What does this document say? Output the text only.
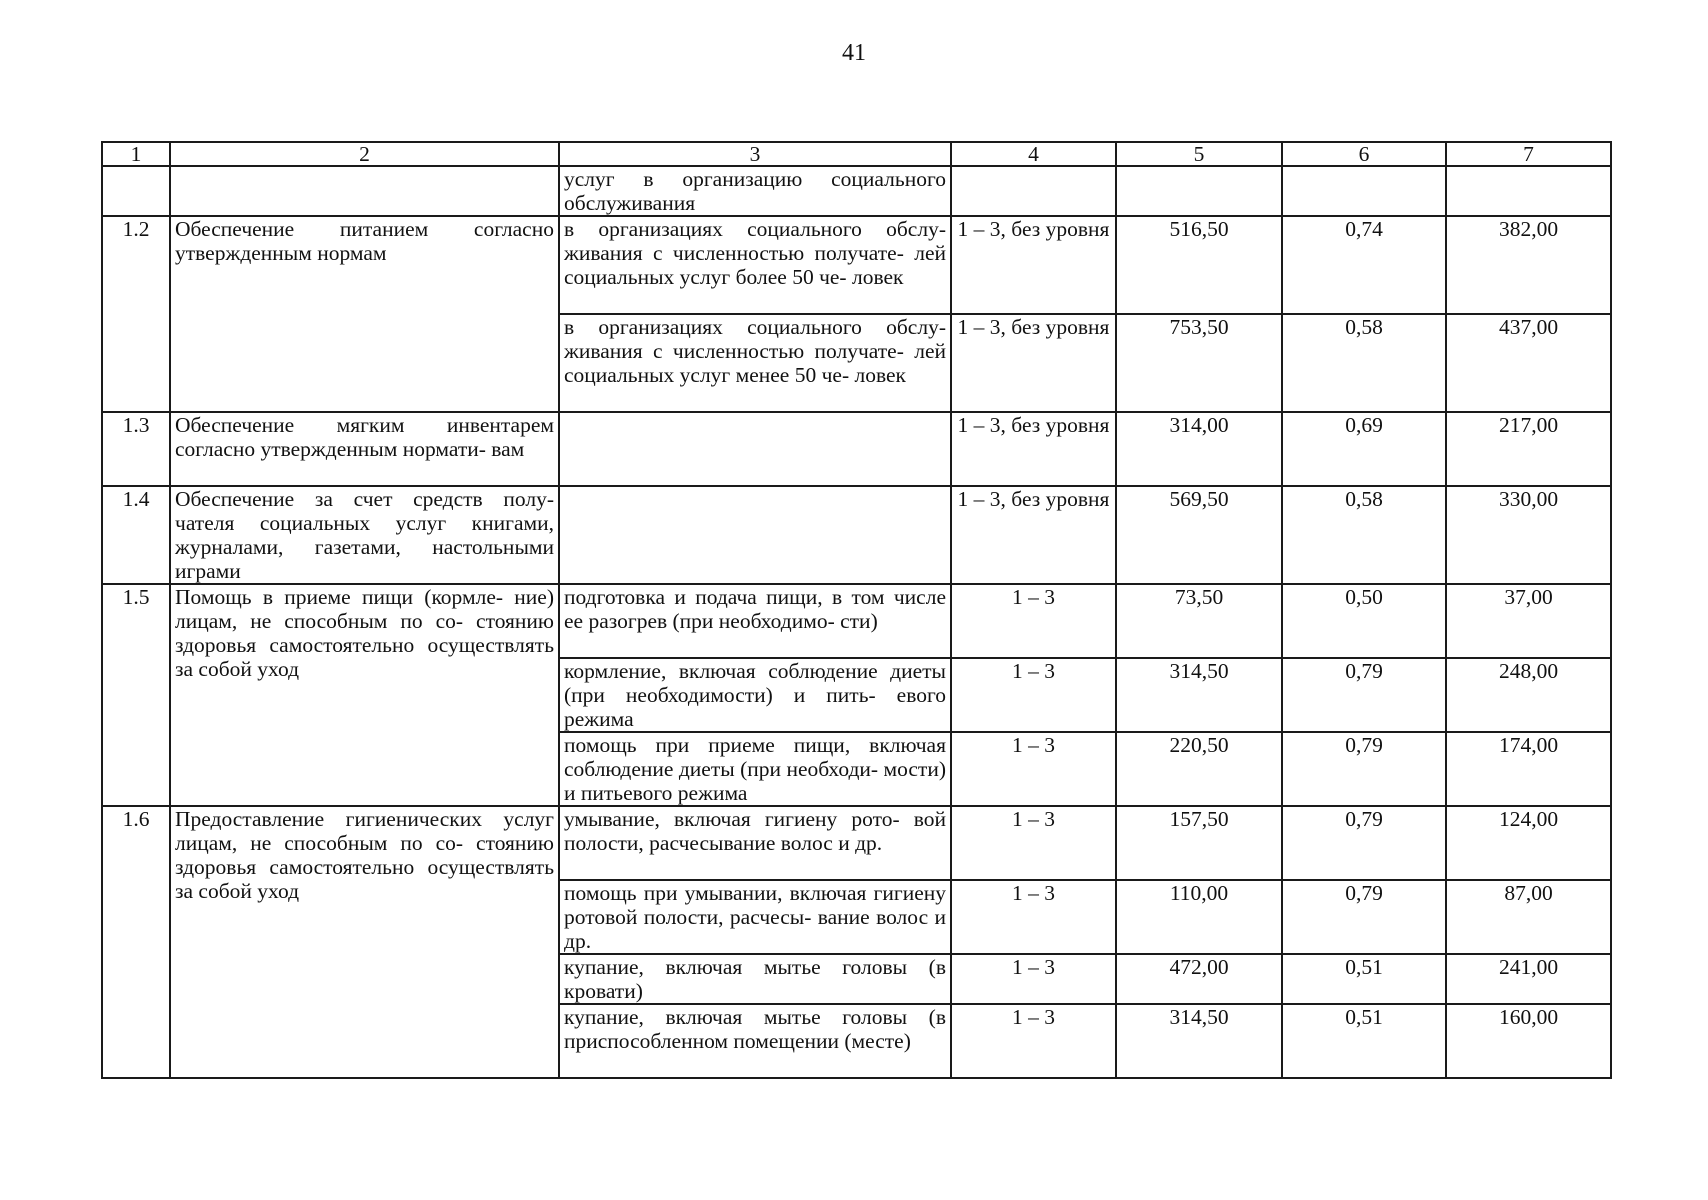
41
1	2	3	4	5	6	7
		услуг в организацию социального обслуживания				
1.2	Обеспечение питанием согласно утвержденным нормам	в организациях социального обслу- живания с численностью получате- лей социальных услуг более 50 че- ловек	1 – 3, без уровня	516,50	0,74	382,00
		в организациях социального обслу- живания с численностью получате- лей социальных услуг менее 50 че- ловек	1 – 3, без уровня	753,50	0,58	437,00
1.3	Обеспечение мягким инвентарем согласно утвержденным нормати- вам		1 – 3, без уровня	314,00	0,69	217,00
1.4	Обеспечение за счет средств полу- чателя социальных услуг книгами, журналами, газетами, настольными играми		1 – 3, без уровня	569,50	0,58	330,00
1.5	Помощь в приеме пищи (кормле- ние) лицам, не способным по со- стоянию здоровья самостоятельно осуществлять за собой уход	подготовка и подача пищи, в том числе ее разогрев (при необходимо- сти)	1 – 3	73,50	0,50	37,00
		кормление, включая соблюдение диеты (при необходимости) и пить- евого режима	1 – 3	314,50	0,79	248,00
		помощь при приеме пищи, включая соблюдение диеты (при необходи- мости) и питьевого режима	1 – 3	220,50	0,79	174,00
1.6	Предоставление гигиенических услуг лицам, не способным по со- стоянию здоровья самостоятельно осуществлять за собой уход	умывание, включая гигиену рото- вой полости, расчесывание волос и др.	1 – 3	157,50	0,79	124,00
		помощь при умывании, включая гигиену ротовой полости, расчесы- вание волос и др.	1 – 3	110,00	0,79	87,00
		купание, включая мытье головы (в кровати)	1 – 3	472,00	0,51	241,00
		купание, включая мытье головы (в приспособленном помещении (месте)	1 – 3	314,50	0,51	160,00
